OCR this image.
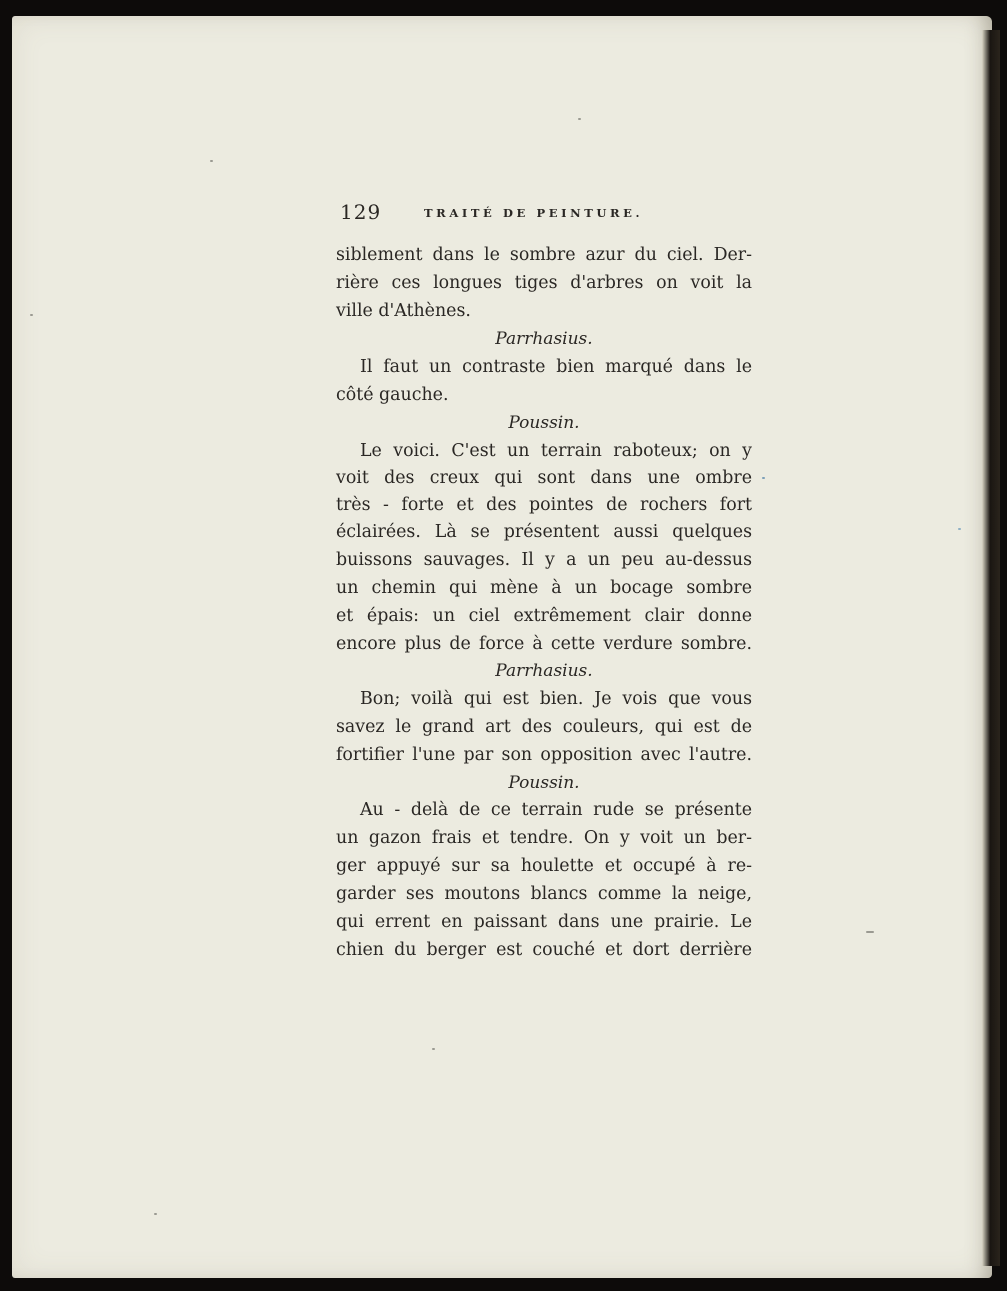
129	TRAITÉ DE PEINTURE.
siblement dans le sombre azur du ciel. Der-
rière ces longues tiges d'arbres on voit la
ville d'Athènes.
Parrhasius.
Il faut un contraste bien marqué dans le
côté gauche.
Poussin.
Le voici. C'est un terrain raboteux; on y
voit des creux qui sont dans une ombre
très - forte et des pointes de rochers fort
éclairées. Là se présentent aussi quelques
buissons sauvages. Il y a un peu au-dessus
un chemin qui mène à un bocage sombre
et épais: un ciel extrêmement clair donne
encore plus de force à cette verdure sombre.
Parrhasius.
Bon; voilà qui est bien. Je vois que vous
savez le grand art des couleurs, qui est de
fortifier l'une par son opposition avec l'autre.
Poussin.
Au - delà de ce terrain rude se présente
un gazon frais et tendre. On y voit un ber-
ger appuyé sur sa houlette et occupé à re-
garder ses moutons blancs comme la neige,
qui errent en paissant dans une prairie. Le
chien du berger est couché et dort derrière
